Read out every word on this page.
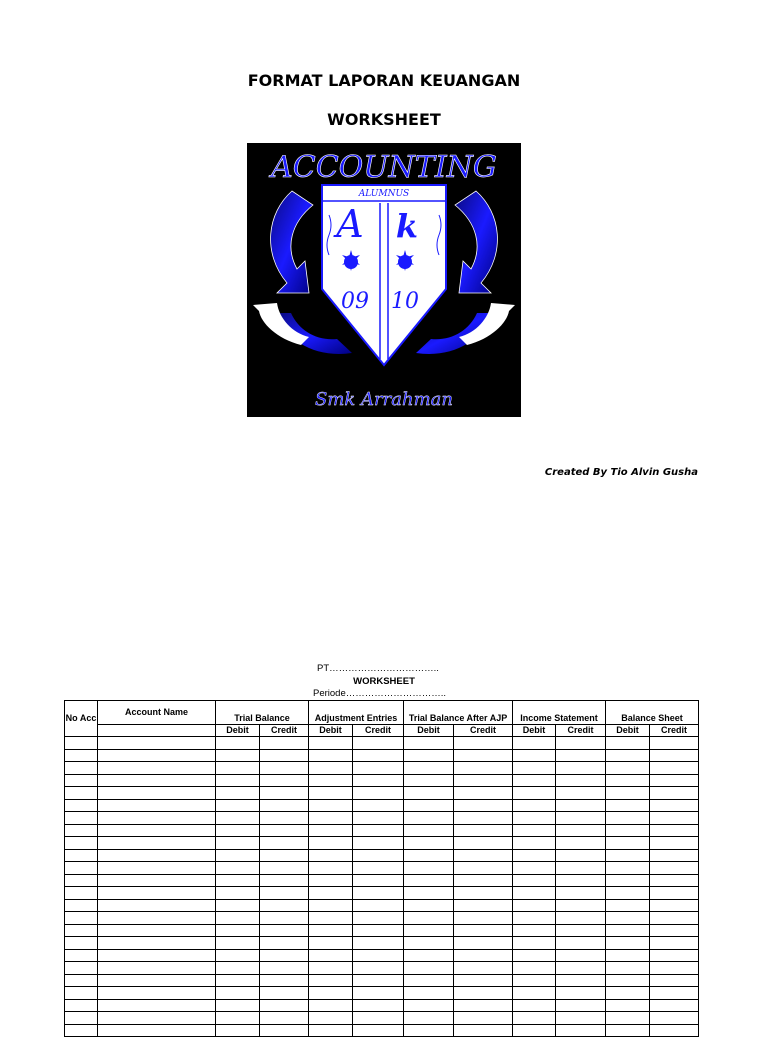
FORMAT LAPORAN KEUANGAN
WORKSHEET
ACCOUNTING
ALUMNUS
A k
09 10
Smk Arrahman
Created By Tio Alvin Gusha
PT……………………………..
WORKSHEET
Periode…………………………..
No Acc	Account Name	Trial Balance		Adjustment Entries		Trial Balance After AJP		Income Statement		Balance Sheet	
		Debit	Credit	Debit	Credit	Debit	Credit	Debit	Credit	Debit	Credit
